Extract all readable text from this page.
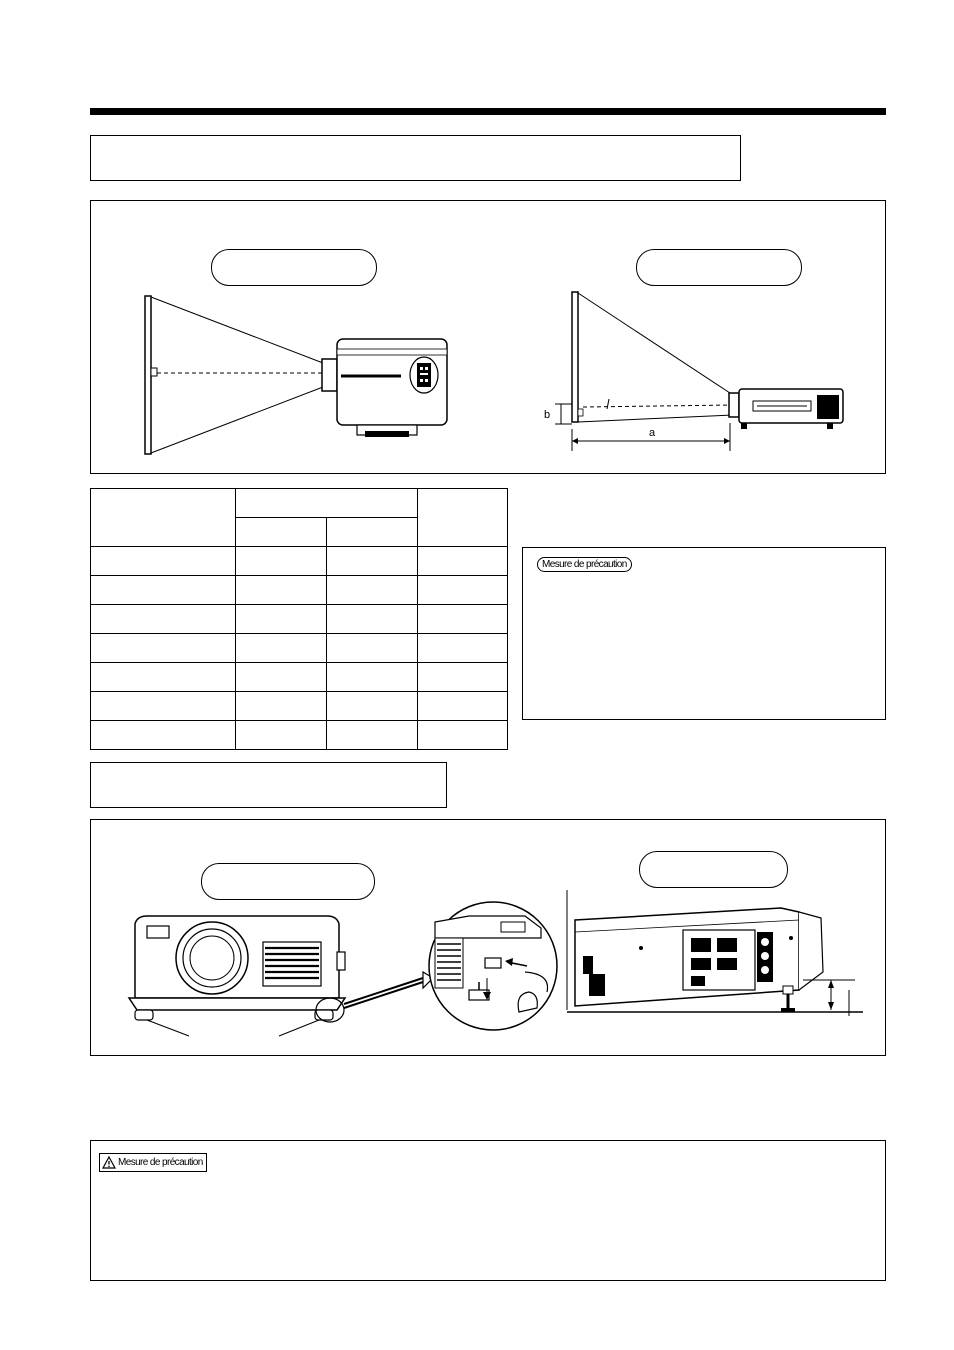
b
a

Mesure de précaution
Mesure de précaution
